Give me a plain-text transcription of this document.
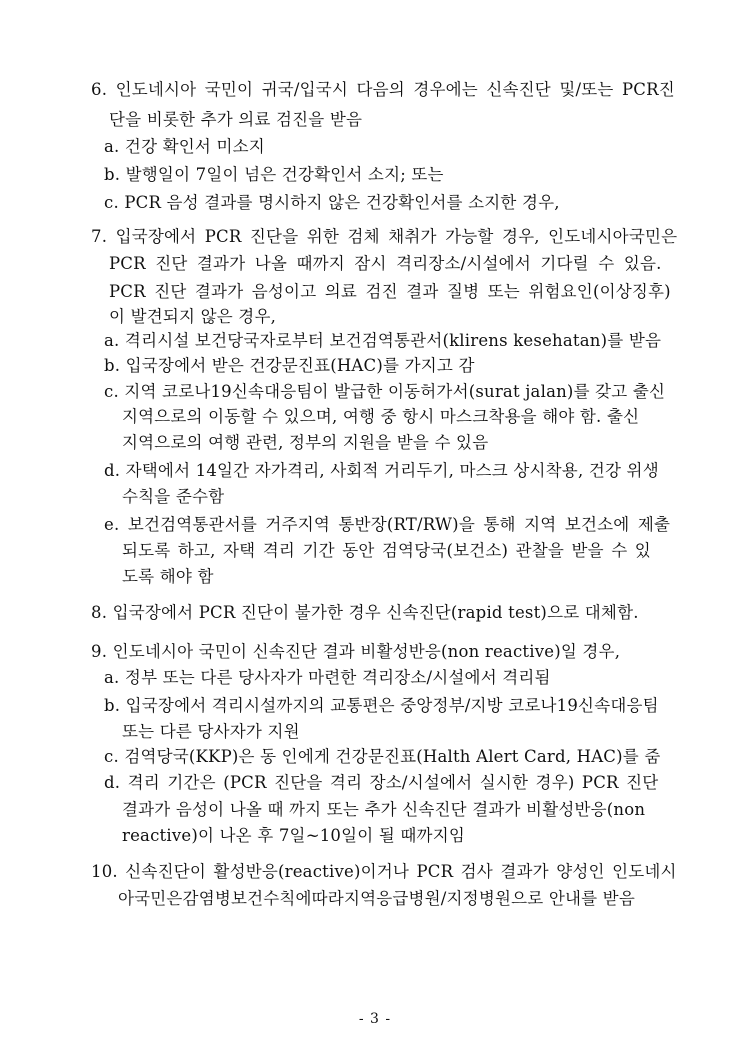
6. 인도네시아 국민이 귀국/입국시 다음의 경우에는 신속진단 및/또는 PCR진
단을 비롯한 추가 의료 검진을 받음
a. 건강 확인서 미소지
b. 발행일이 7일이 넘은 건강확인서 소지; 또는
c. PCR 음성 결과를 명시하지 않은 건강확인서를 소지한 경우,
7. 입국장에서 PCR 진단을 위한 검체 채취가 가능할 경우, 인도네시아국민은
PCR 진단 결과가 나올 때까지 잠시 격리장소/시설에서 기다릴 수 있음.
PCR 진단 결과가 음성이고 의료 검진 결과 질병 또는 위험요인(이상징후)
이 발견되지 않은 경우,
a. 격리시설 보건당국자로부터 보건검역통관서(klirens kesehatan)를 받음
b. 입국장에서 받은 건강문진표(HAC)를 가지고 감
c. 지역 코로나19신속대응팀이 발급한 이동허가서(surat jalan)를 갖고 출신
지역으로의 이동할 수 있으며, 여행 중 항시 마스크착용을 해야 함. 출신
지역으로의 여행 관련, 정부의 지원을 받을 수 있음
d. 자택에서 14일간 자가격리, 사회적 거리두기, 마스크 상시착용, 건강 위생
수칙을 준수함
e. 보건검역통관서를 거주지역 통반장(RT/RW)을 통해 지역 보건소에 제출
되도록 하고, 자택 격리 기간 동안 검역당국(보건소) 관찰을 받을 수 있
도록 해야 함
8. 입국장에서 PCR 진단이 불가한 경우 신속진단(rapid test)으로 대체함.
9. 인도네시아 국민이 신속진단 결과 비활성반응(non reactive)일 경우,
a. 정부 또는 다른 당사자가 마련한 격리장소/시설에서 격리됨
b. 입국장에서 격리시설까지의 교통편은 중앙정부/지방 코로나19신속대응팀
또는 다른 당사자가 지원
c. 검역당국(KKP)은 동 인에게 건강문진표(Halth Alert Card, HAC)를 줌
d. 격리 기간은 (PCR 진단을 격리 장소/시설에서 실시한 경우) PCR 진단
결과가 음성이 나올 때 까지 또는 추가 신속진단 결과가 비활성반응(non
reactive)이 나온 후 7일~10일이 될 때까지임
10. 신속진단이 활성반응(reactive)이거나 PCR 검사 결과가 양성인 인도네시
아국민은감염병보건수칙에따라지역응급병원/지정병원으로 안내를 받음
- 3 -
